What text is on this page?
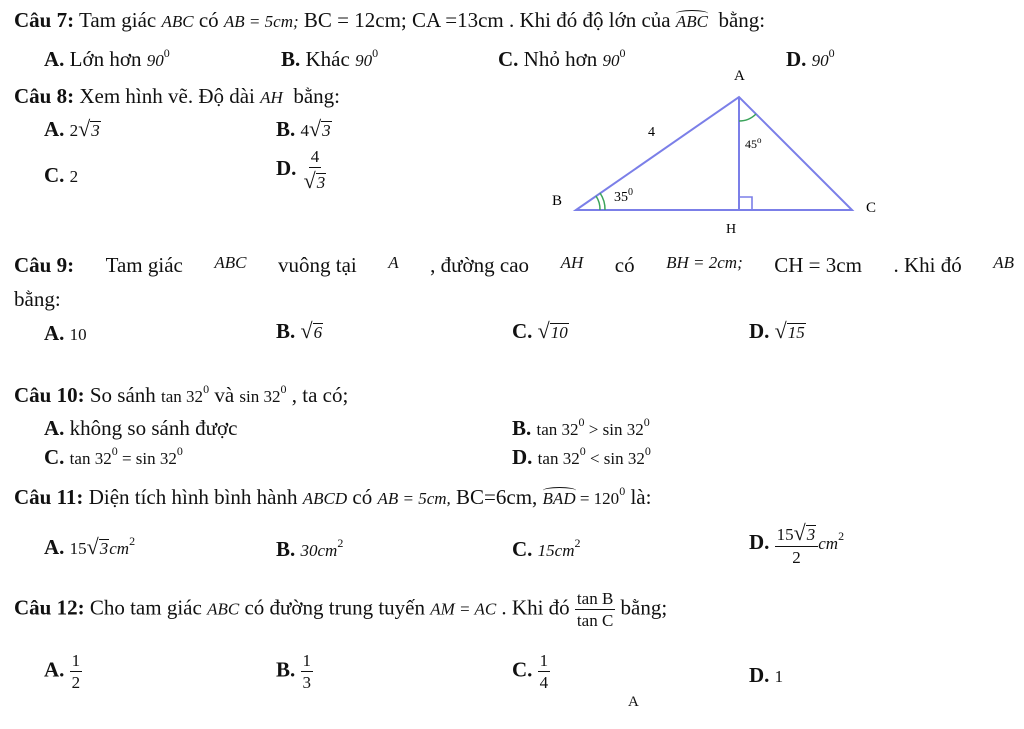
Câu 7: Tam giác ABC có AB = 5cm; BC = 12cm; CA =13cm . Khi đó độ lớn của ABC bằng:
A. Lớn hơn $90^0$	B. Khác $90^0$	C. Nhỏ hơn $90^0$	D. $90^0$
Câu 8: Xem hình vẽ. Độ dài AH bằng:
A. 2 √ 3	B. 4 √ 3
C. 2	D. $\frac{4}{√ 3}$
A
B	C
H
4
$35^0$
45$^o$
Câu 9: Tam giác ABC vuông tại A , đường cao AH có BH = 2cm; CH = 3cm . Khi đó AB
bằng:
A. 10	B. √ 6	C. √ 10	D. √ 15
Câu 10: So sánh $\tan 32^0$ và $\sin 32^0$ , ta có;
A. không so sánh được	B. $\tan 32^0 > \sin 32^0$
C. $\tan 32^0 = \sin 32^0$	D. $\tan 32^0 < \sin 32^0$
Câu 11: Diện tích hình bình hành ABCD có AB = 5cm, BC=6cm, BAD = $120^0$ là:
A. 15 √ 3 $cm^2$	B. $30cm^2$	C. $15cm^2$	D. $\frac{15 √ 3}{2} cm^2$
Câu 12: Cho tam giác ABC có đường trung tuyến AM = AC . Khi đó $\frac{\text{tan B}}{\text{tan C}}$ bằng;
A. $\frac{1}{2}$	B. $\frac{1}{3}$	C. $\frac{1}{4}$	D. 1
A
